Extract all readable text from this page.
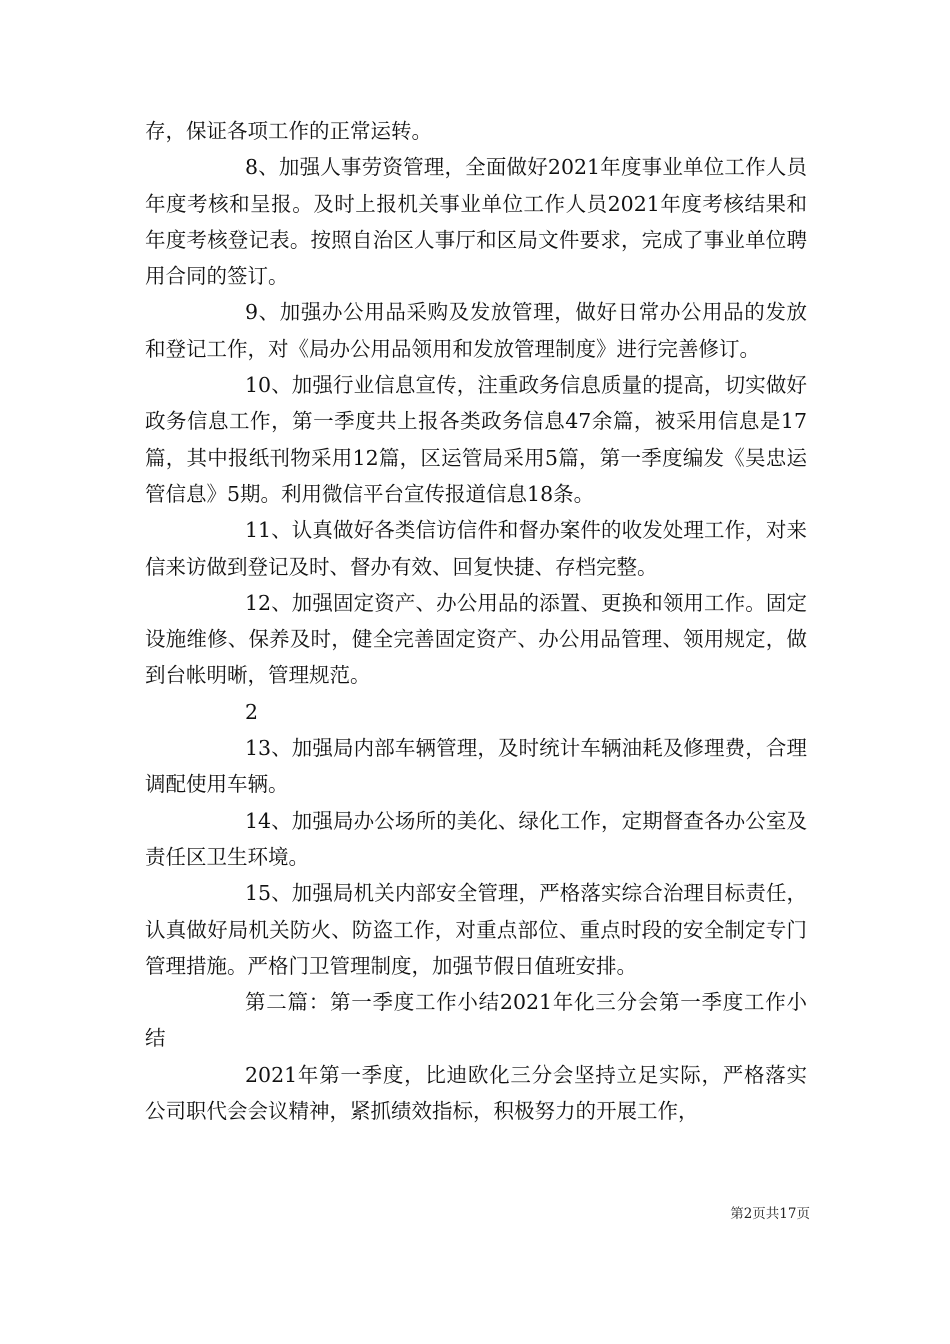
存，保证各项工作的正常运转。

8、加强人事劳资管理，全面做好2021年度事业单位工作人员年度考核和呈报。及时上报机关事业单位工作人员2021年度考核结果和年度考核登记表。按照自治区人事厅和区局文件要求，完成了事业单位聘用合同的签订。

9、加强办公用品采购及发放管理，做好日常办公用品的发放和登记工作，对《局办公用品领用和发放管理制度》进行完善修订。

10、加强行业信息宣传，注重政务信息质量的提高，切实做好政务信息工作，第一季度共上报各类政务信息47余篇，被采用信息是17篇，其中报纸刊物采用12篇，区运管局采用5篇，第一季度编发《吴忠运管信息》5期。利用微信平台宣传报道信息18条。

11、认真做好各类信访信件和督办案件的收发处理工作，对来信来访做到登记及时、督办有效、回复快捷、存档完整。

12、加强固定资产、办公用品的添置、更换和领用工作。固定设施维修、保养及时，健全完善固定资产、办公用品管理、领用规定，做到台帐明晰，管理规范。

2

13、加强局内部车辆管理，及时统计车辆油耗及修理费，合理调配使用车辆。

14、加强局办公场所的美化、绿化工作，定期督查各办公室及责任区卫生环境。

15、加强局机关内部安全管理，严格落实综合治理目标责任，认真做好局机关防火、防盗工作，对重点部位、重点时段的安全制定专门管理措施。严格门卫管理制度，加强节假日值班安排。

第二篇：第一季度工作小结2021年化三分会第一季度工作小结

2021年第一季度，比迪欧化三分会坚持立足实际，严格落实公司职代会会议精神，紧抓绩效指标，积极努力的开展工作，

第2页共17页
